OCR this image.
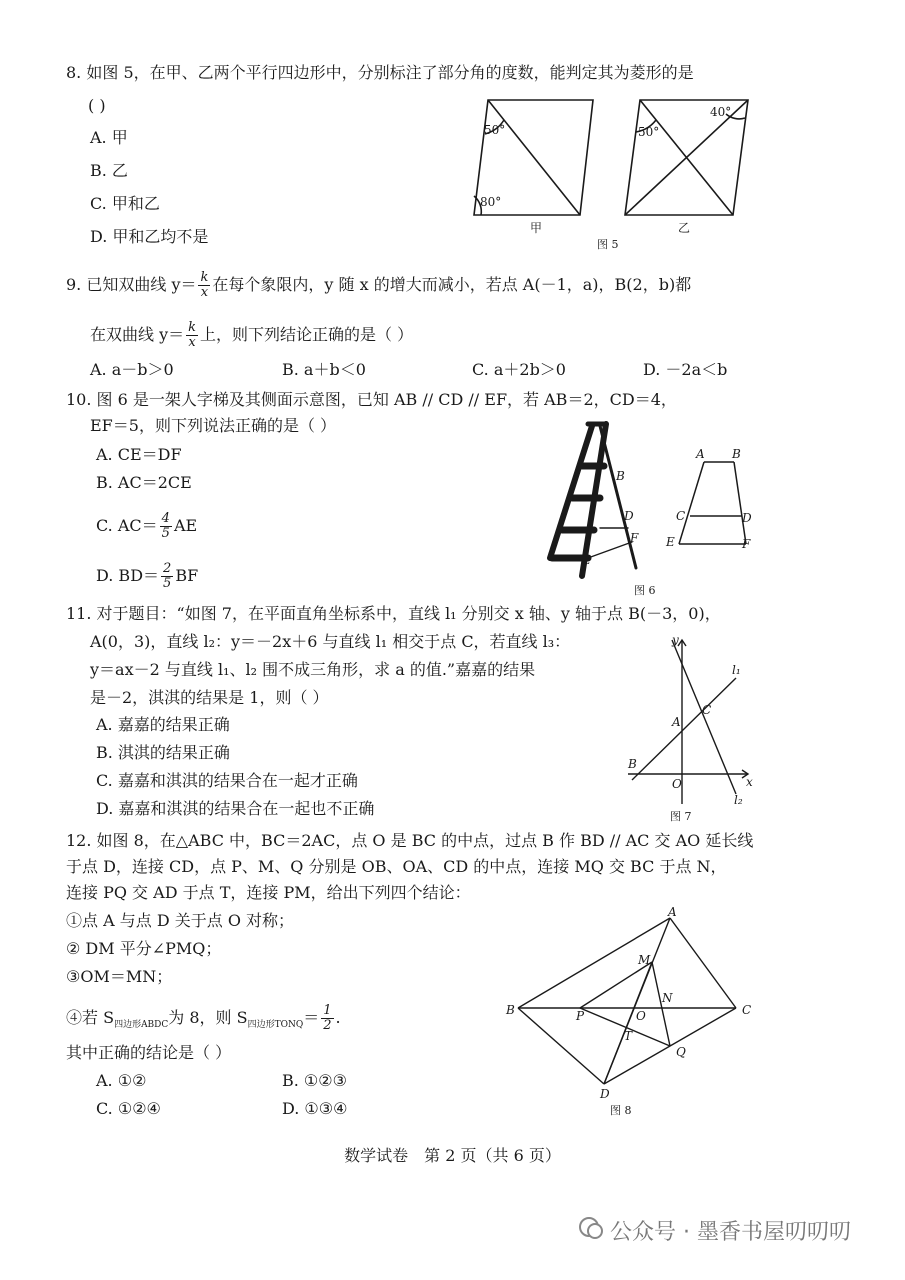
8. 如图 5，在甲、乙两个平行四边形中，分别标注了部分角的度数，能判定其为菱形的是
( )
A. 甲
B. 乙
C. 甲和乙
D. 甲和乙均不是
50°
80°
甲
50°
40°
乙
图 5
9. 已知双曲线 $y= \frac{k}{x}$ 在每个象限内，y 随 x 的增大而减小，若点 A(－1，a)，B(2，b)都
在双曲线 $y= \frac{k}{x}$ 上，则下列结论正确的是（ ）
A. a－b＞0	B. a＋b＜0	C. a＋2b＞0	D. －2a＜b
10. 图 6 是一架人字梯及其侧面示意图，已知 AB // CD // EF，若 AB＝2，CD＝4，
EF＝5，则下列说法正确的是（ ）
A. CE＝DF
B. AC＝2CE
C. $AC= \frac{4}{5}$ AE
D. $BD= \frac{2}{5}$ BF
B
D
F
E
A B
C	D
E	F
图 6
11. 对于题目：“如图 7，在平面直角坐标系中，直线 l₁ 分别交 x 轴、y 轴于点 B(－3，0)，
A(0，3)，直线 l₂：y＝－2x＋6 与直线 l₁ 相交于点 C，若直线 l₃：
y＝ax－2 与直线 l₁、l₂ 围不成三角形，求 a 的值.”嘉嘉的结果
是－2，淇淇的结果是 1，则（ ）
A. 嘉嘉的结果正确
B. 淇淇的结果正确
C. 嘉嘉和淇淇的结果合在一起才正确
D. 嘉嘉和淇淇的结果合在一起也不正确
y
x
l₁
l₂
A
C
B
O
图 7
12. 如图 8，在△ABC 中，BC＝2AC，点 O 是 BC 的中点，过点 B 作 BD // AC 交 AO 延长线
于点 D，连接 CD，点 P、M、Q 分别是 OB、OA、CD 的中点，连接 MQ 交 BC 于点 N，
连接 PQ 交 AD 于点 T，连接 PM，给出下列四个结论：
①点 A 与点 D 关于点 O 对称；
② DM 平分∠PMQ；
③OM＝MN；
④若 $S_{四边形ABDC}$为 8，则 $S_{四边形TONQ}= \frac{1}{2}$ .
其中正确的结论是（ ）
A. ①②	B. ①②③
C. ①②④	D. ①③④
A
B	C
D
M
N
O
P
Q
T
图 8
数学试卷　第 2 页（共 6 页）
公众号 · 墨香书屋叨叨叨
